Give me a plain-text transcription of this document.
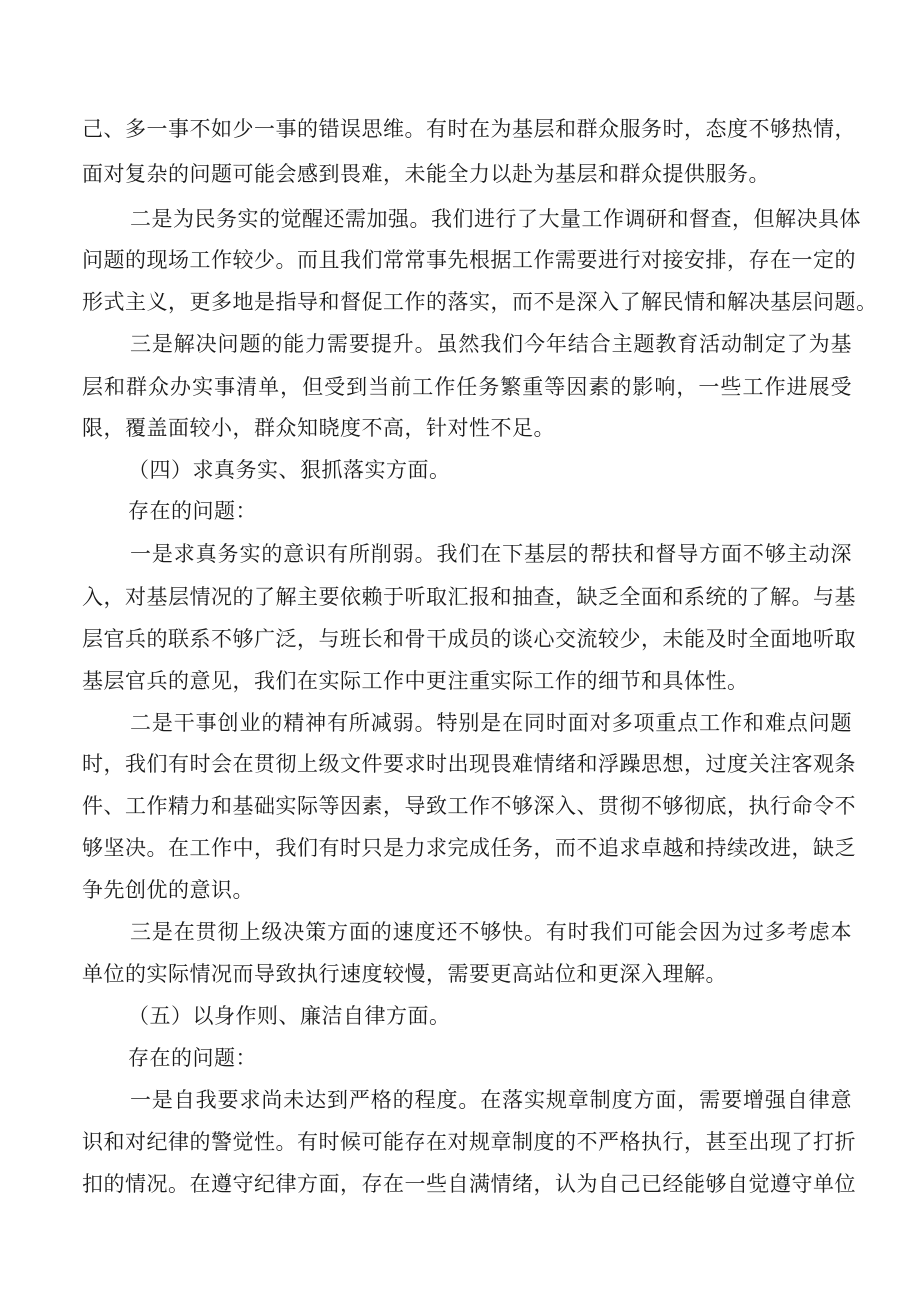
己、多一事不如少一事的错误思维。有时在为基层和群众服务时，态度不够热情，
面对复杂的问题可能会感到畏难，未能全力以赴为基层和群众提供服务。
二是为民务实的觉醒还需加强。我们进行了大量工作调研和督查，但解决具体
问题的现场工作较少。而且我们常常事先根据工作需要进行对接安排，存在一定的
形式主义，更多地是指导和督促工作的落实，而不是深入了解民情和解决基层问题。
三是解决问题的能力需要提升。虽然我们今年结合主题教育活动制定了为基
层和群众办实事清单，但受到当前工作任务繁重等因素的影响，一些工作进展受
限，覆盖面较小，群众知晓度不高，针对性不足。
（四）求真务实、狠抓落实方面。
存在的问题：
一是求真务实的意识有所削弱。我们在下基层的帮扶和督导方面不够主动深
入，对基层情况的了解主要依赖于听取汇报和抽查，缺乏全面和系统的了解。与基
层官兵的联系不够广泛，与班长和骨干成员的谈心交流较少，未能及时全面地听取
基层官兵的意见，我们在实际工作中更注重实际工作的细节和具体性。
二是干事创业的精神有所减弱。特别是在同时面对多项重点工作和难点问题
时，我们有时会在贯彻上级文件要求时出现畏难情绪和浮躁思想，过度关注客观条
件、工作精力和基础实际等因素，导致工作不够深入、贯彻不够彻底，执行命令不
够坚决。在工作中，我们有时只是力求完成任务，而不追求卓越和持续改进，缺乏
争先创优的意识。
三是在贯彻上级决策方面的速度还不够快。有时我们可能会因为过多考虑本
单位的实际情况而导致执行速度较慢，需要更高站位和更深入理解。
（五）以身作则、廉洁自律方面。
存在的问题：
一是自我要求尚未达到严格的程度。在落实规章制度方面，需要增强自律意
识和对纪律的警觉性。有时候可能存在对规章制度的不严格执行，甚至出现了打折
扣的情况。在遵守纪律方面，存在一些自满情绪，认为自己已经能够自觉遵守单位
